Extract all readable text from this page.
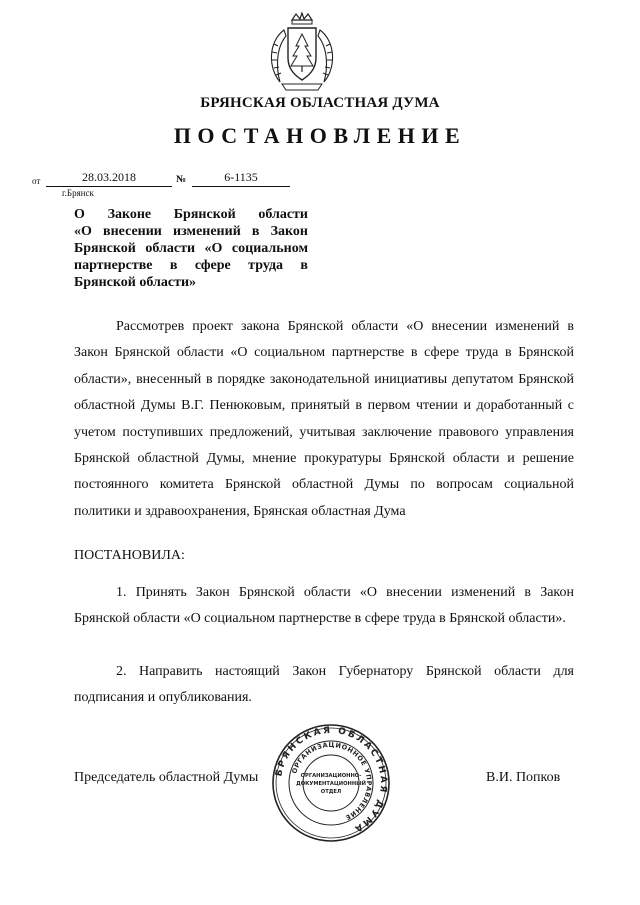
БРЯНСКАЯ ОБЛАСТНАЯ ДУМА
ПОСТАНОВЛЕНИЕ
от	28.03.2018	№	6-1135
г.Брянск
О Законе Брянской области
«О внесении изменений в Закон
Брянской области «О социальном
партнерстве в сфере труда в
Брянской области»

Рассмотрев проект закона Брянской области «О внесении изменений в Закон Брянской области «О социальном партнерстве в сфере труда в Брянской области», внесенный в порядке законодательной инициативы депутатом Брянской областной Думы В.Г. Пенюковым, принятый в первом чтении и доработанный с учетом поступивших предложений, учитывая заключение правового управления Брянской областной Думы, мнение прокуратуры Брянской области и решение постоянного комитета Брянской областной Думы по вопросам социальной политики и здравоохранения, Брянская областная Дума

ПОСТАНОВИЛА:

1. Принять Закон Брянской области «О внесении изменений в Закон Брянской области «О социальном партнерстве в сфере труда в Брянской области».

2. Направить настоящий Закон Губернатору Брянской области для подписания и опубликования.

Председатель областной Думы	В.И. Попков
БРЯНСКАЯ ОБЛАСТНАЯ ДУМА
ОРГАНИЗАЦИОННОЕ УПРАВЛЕНИЕ
ОРГАНИЗАЦИОННО-
ДОКУМЕНТАЦИОННЫЙ
ОТДЕЛ
